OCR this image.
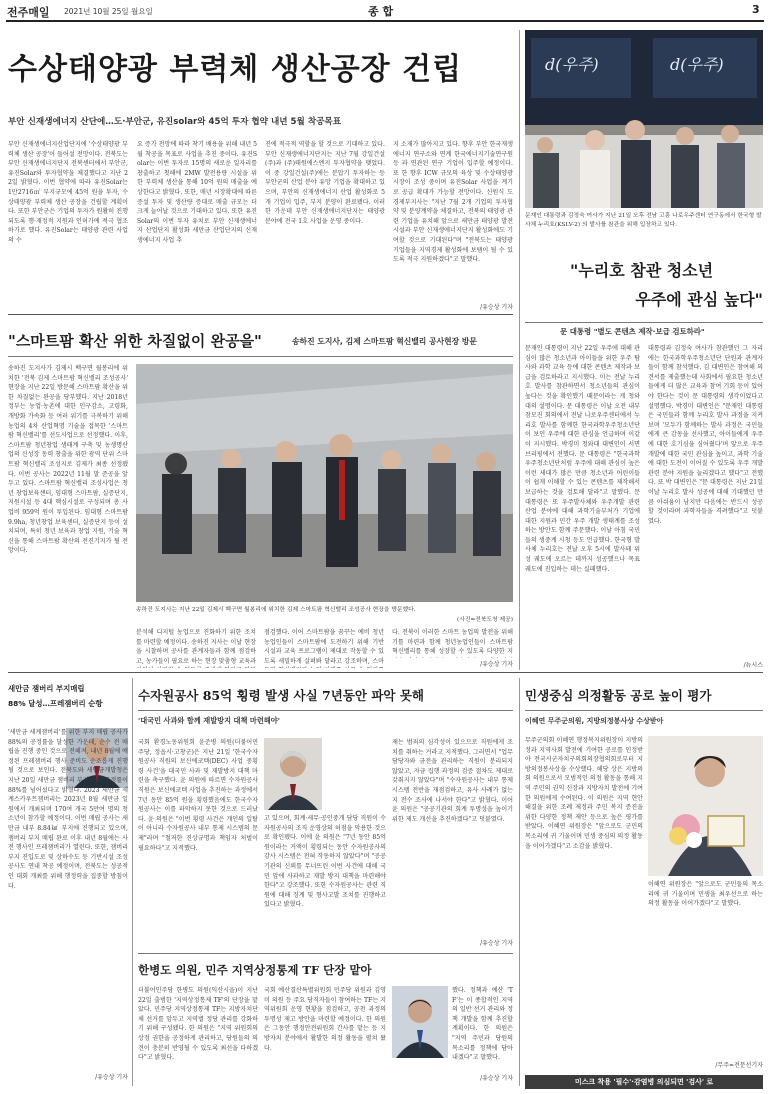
전주매일 2021년 10월 25일 월요일	종 합	3
수상태양광 부력체 생산공장 건립
부안 신재생에너지 산단에…도·부안군, 유진solar와 45억 투자 협약 내년 5월 착공목표
부안 신재생에너지산업단지에 '수상태양광 부력체 생산 공장'이 들어설 전망이다. 전북도는 부안 신재생에너지단지 전북센터에서 부안군, 유진Solar와 투자협약을 체결했다고 지난 22일 밝혔다. 이번 협약에 따라 유진Solar는 1만2716㎡ 부지규모에 45억 원을 투자, 수상태양광 부력체 생산 공장을 건립할 계획이다. 또한 부안군은 기업의 투자가 원활히 진행되도록 행·재정적 지원과 인허가에 적극 협조하기로 했다. 유진Solar는 태양광 관련 사업의 수
요 증가 전망에 따라 착기 배용을 위해 내년 5월 착공을 목표로 사업을 추진 중이다. 유진Solar는 이번 투자로 15명의 새로운 일자리를 창출하고 첫해에 2MW 발전용량 시설을 위한 부력체 생산을 통해 10억 원의 매출을 예상한다고 밝혔다. 또한, 매년 시장확대에 따른 증설 투자 및 생산량 증대로 매출 규모는 더 크게 늘어날 것으로 기대하고 있다. 또한 유진Solar의 이번 투자 유치로 부안 신재생에너지 산업단지 활성화 새만금 산업단지의 신재생에너지 사업 추
진에 적극적 역할을 할 것으로 기대하고 있다. 부안 신재생에너지단지는 지난 7월 강일건설(주)과 (주)태원에스엔지 투자협약을 맺었다. 이 중 강일건설(주)에는 분압기 투자하는 등 부안군의 산업 분야 유망 기업을 확대하고 있으며, 부안의 신재생에너지 산업 활성화로 5개 기업이 입주, 부지 분양이 완료됐다. 이러한 가운데 부안 신재생에너지단지는 태양광 분야에 전국 1호 사업을 운영 중이다.
지 소재가 많아지고 있다. 향후 부안 한국재생에너지 연구소와 연계 한국에너지기술연구원 등 과 연관된 연구 기업이 입주할 예정이다. 또 한 향후 ICW 규모의 육상 및 수상태양광 시장이 조성 중이며 유진Solar 사업을 계기로 공급 확대가 가능할 전망이다. 신원식 도 경제부지사는 "지난 7월 2개 기업의 투자협약 및 분양계약을 체결하고, 전북의 태양광 관련 기업을 유치해 앞으로 새만금 태양광 발전시설과 부안 신재생에너지단지 활성화에도 기여할 것으로 기대된다"며 "전북도는 태양광 기업들을 지역경제 활성화에 보탬이 될 수 있도록 적극 지원하겠다"고 말했다.
/유승상 기자
d(우주)	d(우주)
문재인 대통령과 김정숙 여사가 지난 21일 오후 전남 고흥 나로우주센터 연구동에서 한국형 발사체 누리호(KSLV-2) 의 발사를 참관을 위해 입장하고 있다.
"누리호 참관 청소년
우주에 관심 높다"
문 대통령 "별도 콘텐츠 제작·보급 검토하라"
문재인 대통령이 지난 22일 우주에 대해 관심이 많은 청소년과 아이들을 위한 우주 탐사와 과학 교육 등에 대한 콘텐츠 제작과 보급을 검토하라고 지시했다. 이는 전날 누리호 발사를 참관하면서 청소년들의 관심이 높다는 것을 확인했기 때문이라는 게 청와대의 설명이다. 문 대통령은 이날 오전 내부 참모진 회의에서 전날 나로우주센터에서 누리호 발사를 함께한 한국과학우주청소년단이 보인 우주에 대한 관심을 언급하며 이같이 지시했다. 박경미 청와대 대변인이 서면 브리핑에서 전했다. 문 대통령은 "한국과학우주청소년단처럼 우주에 대해 관심이 높은 이런 세대가 많은 만큼 청소년과 어린이들이 쉽게 이해할 수 있는 콘텐츠를 제작해서 보급하는 것을 검토해 달라"고 말했다. 문 대통령은 또 우주발사체와 우주개발 관련 산업 분야에 대해 과학기술부처가 기업에 대한 지원과 민간 우주 개발 생태계를 조성하는 방안도 함께 주문했다. 이날 아침 국민들의 생중계 시청 등도 언급했다. 한국형 발사체 누리호는 전날 오후 5시에 발사돼 위성 궤도에 오르는 데까지 성공했으나 목표 궤도에 진입하는 데는 실패했다.
대통령과 김정숙 여사가 참관했던 그 자리에는 한국과학우주청소년단 단원과 관계자들이 함께 참석했다. 김 대변인은 참여해 의견서를 제출했는데 사회에서 필요한 청소년들에게 더 많은 교육과 참여 기회 등이 있어야 한다는 것이 문 대통령의 생각이었다고 설명했다. 박경미 대변인은 "문재인 대통령은 국민들과 함께 누리호 발사 과정을 지켜보며 '모두가 함께하는 발사 과정은 국민들에게 큰 감동을 선사했고, 아이들에게 우주에 대한 호기심을 심어줬다'며 앞으로 우주 개발에 대한 국민 관심을 높이고, 과학 기술에 대한 도전이 이어질 수 있도록 우주 개발 관련 분야 지원을 늘리겠다고 했다"고 전했다. 또 박 대변인은 "문 대통령은 지난 21일 이날 누리호 발사 성공에 대해 기대했던 만큼 아쉬움이 남지만 다음에는 반드시 성공할 것이라며 과학자들을 격려했다"고 덧붙였다.
/뉴시스
"스마트팜 확산 위한 차질없이 완공을"	송하진 도지사, 김제 스마트팜 혁신밸리 공사현장 방문
송하진 도지사가 김제시 백구면 월봉리에 위치한 '전북 김제 스마트팜 혁신밸리 조성공사' 현장을 지난 22일 방문해 스마트팜 확산을 위한 차질없는 완공을 당부했다. 지난 2018년 정부는 농업·농촌에 대한 인구감소, 고령화, 개방화 가속화 등 여러 위기를 극복하기 위해 농업의 4차 산업혁명 기술을 접목한 '스마트팜 혁신밸리'를 선도사업으로 선정했다. 이후, 스마트팜 청년창업 생태계 구축 및 농생명산업의 신성장 동력 창출을 위한 광역 단위 스마트팜 혁신밸리 조성지로 김제가 최종 선정됐다. 이번 공사는 2022년 11월 말 준공을 앞두고 있다. 스마트팜 혁신밸리 조성사업은 청년 창업보육센터, 임대형 스마트팜, 실증단지, 지원시설 등 4대 핵심시설로 구성되며 총 사업비 959억 원이 투입된다. 임대형 스마트팜 9.9ha, 청년창업 보육센터, 실증단지 등이 설치되며, 특히 청년 보육과 창업 지원, 기술 혁신을 통해 스마트팜 확산의 전진기지가 될 전망이다.
송하진 도지사는 지난 22일 김제시 백구면 월봉리에 위치한 김제 스마트팜 혁신밸리 조성공사 현장을 방문했다.
(사진=전북도청 제공)
분석해 디지털 농업으로 진화하기 위한 조치를 마련할 예정이다. 송하진 지사는 이날 현장을 시찰하며 공사를 관계자들과 함께 점검하고, 농가들이 필요로 하는 현장 맞춤형 교육과
점검했다. 이어 스마트팜을 꿈꾸는 예비 청년농업인들이 스마트팜에 도전하기 위해 기반 시설과 교육 프로그램이 제대로 작동할 수 있도록 세밀하게 살펴봐 달라고 강조하며, 스마
다. 전북이 이러한 스마트 농업의 발전을 위해 기틀 마련과 함께 청년농업인들이 스마트팜 혁신밸리를 통해 성장할 수 있도록 다양한 지
/유승상 기자
새만금 잼버리 부지매립
88% 달성…프레잼버리 순항
'새만금 세계잼버리'를 위한 부지 매립 공사가 88%의 공정률을 달성한 가운데, 순수 전 매립을 진행 중인 것으로 전해져, 내년 8월에 예정된 프레잼버리 행사 준비도 순조롭게 진행될 것으로 보인다. 전북도와 새만금개발청은 지난 20일 새만금 잼버리 부지 매립 공정률이 88%를 넘어섰다고 밝혔다. 2023 새만금 세계스카우트잼버리는 2023년 8월 새만금 일원에서 개최되며 170여 개국 5만여 명의 청소년이 참가할 예정이다. 이번 매립 공사는 새만금 내부 8.84㎢ 부지에 진행되고 있으며, 잼버리 부지 매립 완료 이후 내년 8월에는 사전 행사인 프레잼버리가 열린다. 또한, 잼버리 부지 진입도로 및 상하수도 등 기반시설 조성 공사도 연내 착공 예정이며, 전북도는 성공적인 대회 개최를 위해 행정력을 집중할 방침이다.
/유승상 기자
수자원공사 85억 횡령 발생 사실 7년동안 파악 못해
'대국민 사과와 함께 재발방지 대책 마련해야'
국회 환경노동위원회 윤준병 의원(더불어민주당, 정읍시·고창군)은 지난 21일 '한국수자원공사 직원의 보신에코텍(DEC) 사업 중횡령 사건'을 대국민 사과 및 재발방지 대책 마련을 촉구했다. 윤 의원에 따르면 수자원공사 직원은 보신에코텍 사업을 추진하는 과정에서 7년 동안 85억 원을 횡령했음에도 한국수자원공사는 이를 파악하지 못한 것으로 드러났다. 윤 의원은 "이번 횡령 사건은 개인의 일탈이 아니라 수자원공사 내부 통제 시스템의 문제"라며 "철저한 진상규명과 책임자 처벌이 필요하다"고 지적했다.
고 있으며, 회계·세무·공인중개 담당 직원이 수자원공사의 조직 운영상의 허점을 악용한 것으로 확인됐다. 이에 윤 의원은 "7년 동안 85억 원이라는 거액이 횡령되는 동안 수자원공사의 감사 시스템은 전혀 작동하지 않았다"며 "공공기관의 신뢰를 무너뜨린 이번 사건에 대해 국민 앞에 사과하고 재발 방지 대책을 마련해야 한다"고 강조했다. 또한 수자원공사는 관련 직원에 대해 징계 및 형사고발 조치를 진행하고 있다고 밝혔다.
제는 범죄의 심각성이 있으므로 직원에게 조치를 취하는 거라고 지적했다. 그러면서 "업무 담당자와 금전을 관리하는 직원이 분리되지 않았고, 자금 집행 과정의 검증 절차도 제대로 갖춰지지 않았다"며 "수자원공사는 내부 통제 시스템 전반을 재점검하고, 유사 사례가 없는지 전수 조사에 나서야 한다"고 밝혔다. 이어 윤 의원은 "공공기관의 회계 투명성을 높이기 위한 제도 개선을 추진하겠다"고 덧붙였다.
/유승상 기자
한병도 의원, 민주 지역상정통제 TF 단장 맡아
더불어민주당 한병도 의원(익산시을)이 지난 22일 출범한 '지역상정통제 TF'의 단장을 맡았다. 민주당 지역상정통제 TF는 지방자치단체 선거를 앞두고 지역별 정당 관리를 강화하기 위해 구성됐다. 한 의원은 "지역 위원회의 상정 권한을 공정하게 관리하고, 당원들의 의견이 충분히 반영될 수 있도록 최선을 다하겠다"고 밝혔다.
국회 예산결산특별위원회 민주당 위원과 김영미 의원 등 주요 당직자들이 참여하는 TF는 지역위원회 운영 현황을 점검하고, 공천 과정의 투명성 제고 방안을 마련할 예정이다. 한 의원은 그동안 행정안전위원회 간사를 맡는 등 지방자치 분야에서 활발한 의정 활동을 펼쳐 왔다.
했다. 정책과 예산 'TF'는 이 종합적인 지역의 일반 선거 관리와 정책 개발을 함께 추진할 계획이다. 한 의원은 "지역 주민과 당원의 목소리를 정책에 담아내겠다"고 말했다.
/유승상 기자
민생중심 의정활동 공로 높이 평가
이혜연 무주군의원, 지방의정봉사상 수상받아
무주군의회 이혜연 행정복지위원장이 지방의정과 지역사회 발전에 기여한 공로를 인정받아 전국시군자치구의회의장협의회로부터 지방의정봉사상을 수상했다. 해당 상은 지방의회 의원으로서 모범적인 의정 활동을 통해 지역 주민의 권익 신장과 지방자치 발전에 기여한 의원에게 수여된다. 이 의원은 지역 현안 해결을 위한 조례 제정과 주민 복지 증진을 위한 다양한 정책 제안 등으로 높은 평가를 받았다. 이혜연 위원장은 "앞으로도 군민의 목소리에 귀 기울이며 민생 중심의 의정 활동을 이어가겠다"고 소감을 밝혔다.
이혜연 위원장은 "앞으로도 군민들의 목소리에 귀 기울이며 민생을 최우선으로 하는 의정 활동을 이어가겠다"고 말했다.
/무주=전문선기자
미스크 착용 '필수'·감염병 의심되면 '검사' 로
